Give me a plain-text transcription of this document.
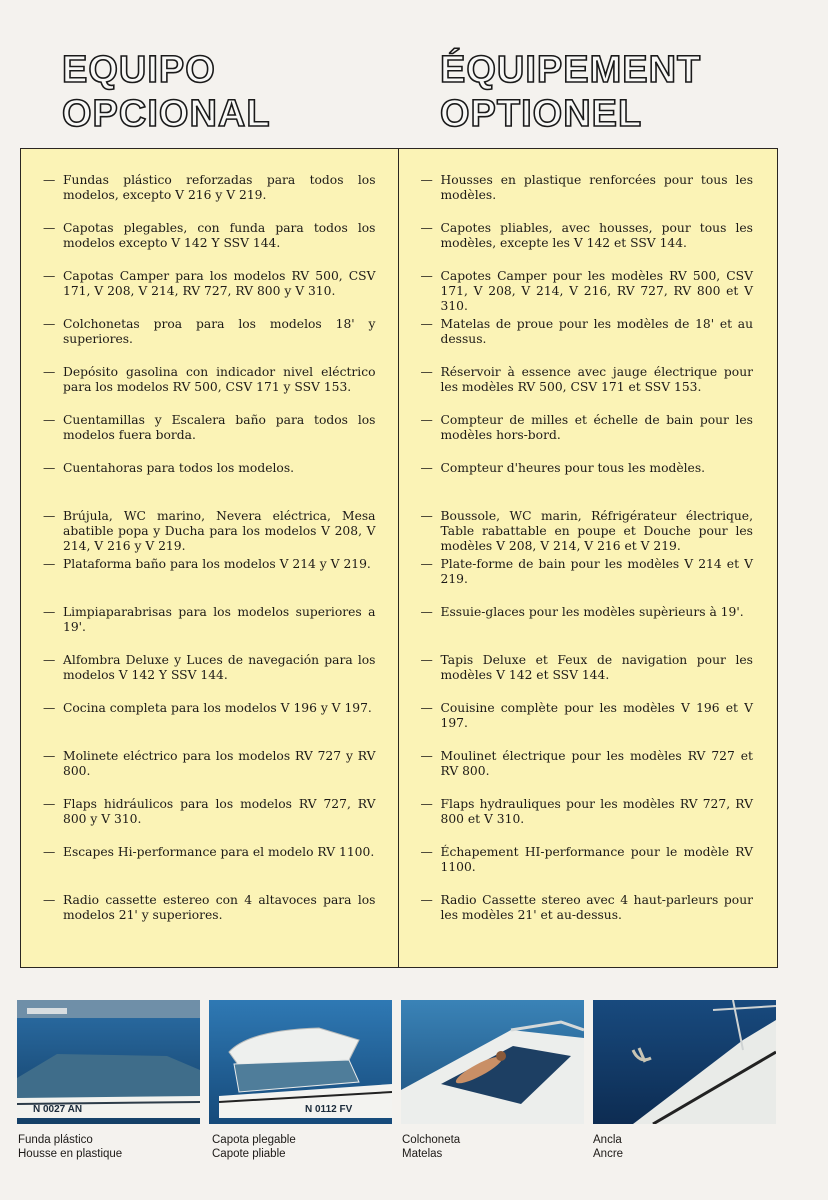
EQUIPO
OPCIONAL
ÉQUIPEMENT
OPTIONEL
— Fundas plástico reforzadas para todos los modelos, excepto V 216 y V 219.
— Capotas plegables, con funda para todos los modelos excepto V 142 Y SSV 144.
— Capotas Camper para los modelos RV 500, CSV 171, V 208, V 214, RV 727, RV 800 y V 310.
— Colchonetas proa para los modelos 18' y superiores.
— Depósito gasolina con indicador nivel eléctrico para los modelos RV 500, CSV 171 y SSV 153.
— Cuentamillas y Escalera baño para todos los modelos fuera borda.
— Cuentahoras para todos los modelos.
— Brújula, WC marino, Nevera eléctrica, Mesa abatible popa y Ducha para los modelos V 208, V 214, V 216 y V 219.
— Plataforma baño para los modelos V 214 y V 219.
— Limpiaparabrisas para los modelos superiores a 19'.
— Alfombra Deluxe y Luces de navegación para los modelos V 142 Y SSV 144.
— Cocina completa para los modelos V 196 y V 197.
— Molinete eléctrico para los modelos RV 727 y RV 800.
— Flaps hidráulicos para los modelos RV 727, RV 800 y V 310.
— Escapes Hi-performance para el modelo RV 1100.
— Radio cassette estereo con 4 altavoces para los modelos 21' y superiores.
— Housses en plastique renforcées pour tous les modèles.
— Capotes pliables, avec housses, pour tous les modèles, excepte les V 142 et SSV 144.
— Capotes Camper pour les modèles RV 500, CSV 171, V 208, V 214, V 216, RV 727, RV 800 et V 310.
— Matelas de proue pour les modèles de 18' et au dessus.
— Réservoir à essence avec jauge électrique pour les modèles RV 500, CSV 171 et SSV 153.
— Compteur de milles et échelle de bain pour les modèles hors-bord.
— Compteur d'heures pour tous les modèles.
— Boussole, WC marin, Réfrigérateur électrique, Table rabattable en poupe et Douche pour les modèles V 208, V 214, V 216 et V 219.
— Plate-forme de bain pour les modèles V 214 et V 219.
— Essuie-glaces pour les modèles supèrieurs à 19'.
— Tapis Deluxe et Feux de navigation pour les modèles V 142 et SSV 144.
— Couisine complète pour les modèles V 196 et V 197.
— Moulinet électrique pour les modèles RV 727 et RV 800.
— Flaps hydrauliques pour les modèles RV 727, RV 800 et V 310.
— Échapement HI-performance pour le modèle RV 1100.
— Radio Cassette stereo avec 4 haut-parleurs pour les modèles 21' et au-dessus.
N 0027 AN	N 0112 FV
Funda plástico
Housse en plastique
Capota plegable
Capote pliable
Colchoneta
Matelas
Ancla
Ancre
